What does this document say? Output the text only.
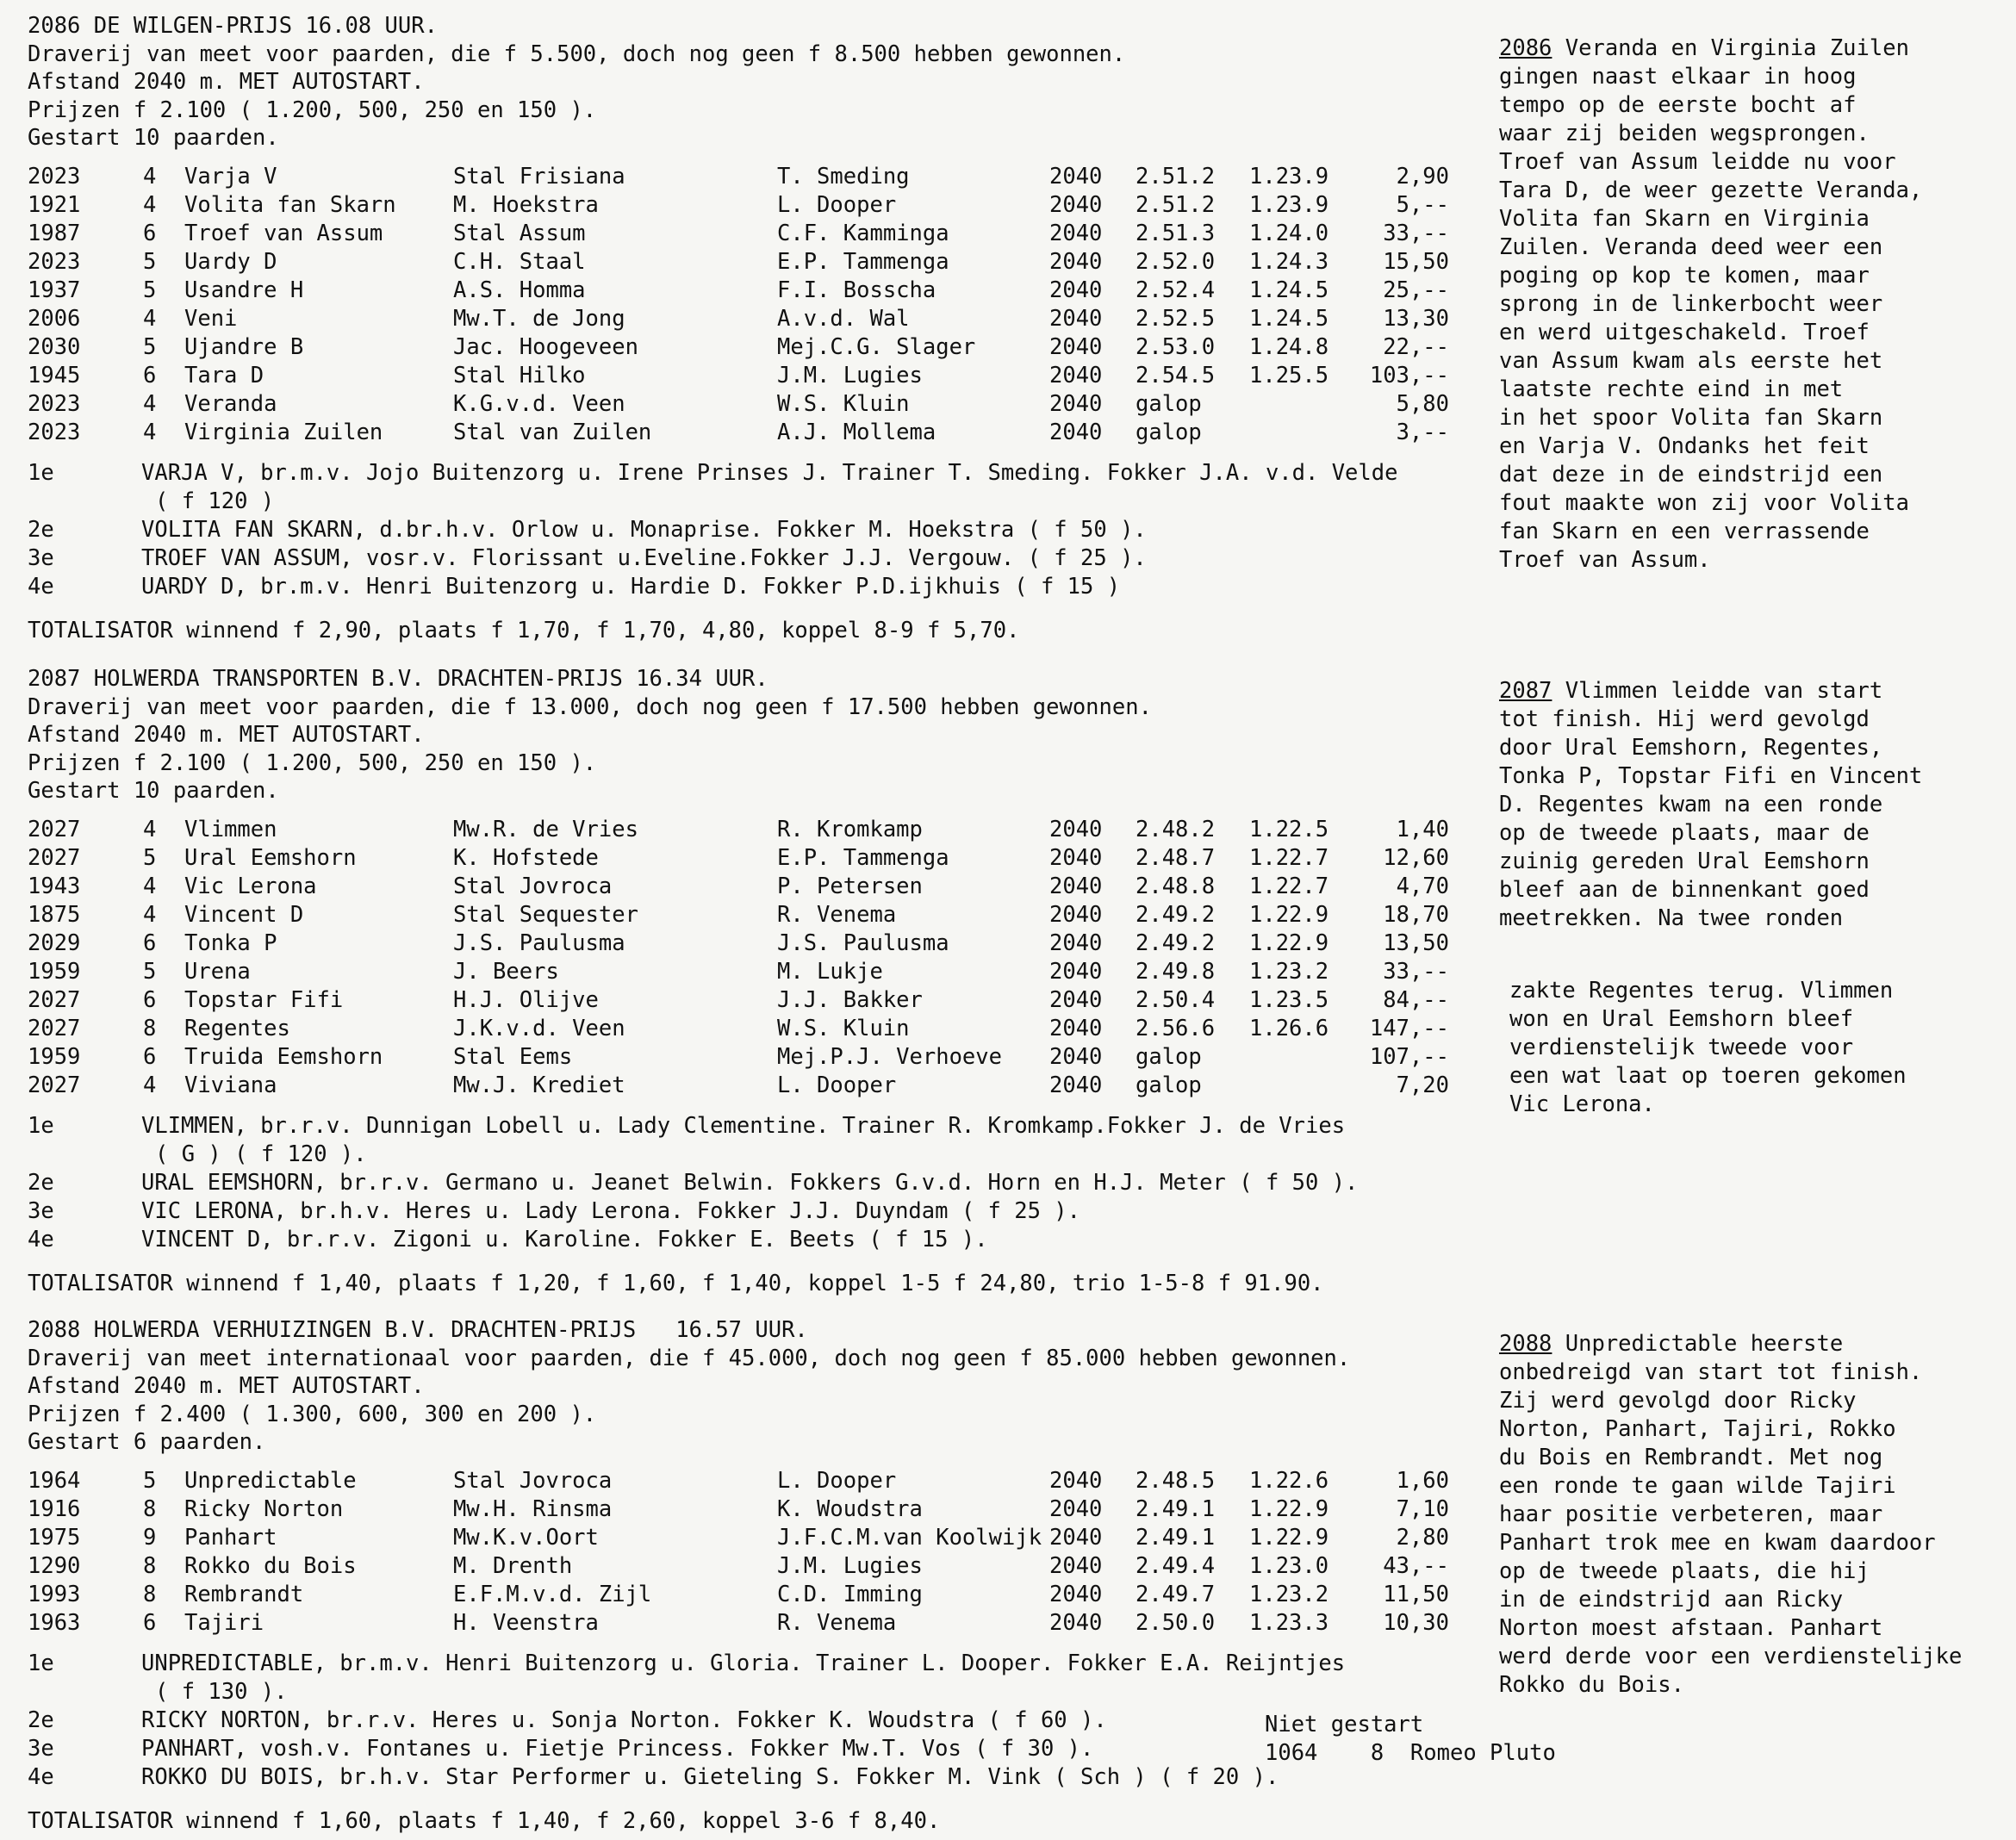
2086 DE WILGEN-PRIJS 16.08 UUR.
Draverij van meet voor paarden, die f 5.500, doch nog geen f 8.500 hebben gewonnen.
Afstand 2040 m. MET AUTOSTART.
Prijzen f 2.100 ( 1.200, 500, 250 en 150 ).
Gestart 10 paarden.
2023	4 Varja V	Stal Frisiana	T. Smeding	2040 2.51.2 1.23.9	2,90
1921	4 Volita fan Skarn	M. Hoekstra	L. Dooper	2040 2.51.2 1.23.9	5,--
1987	6 Troef van Assum	Stal Assum	C.F. Kamminga	2040 2.51.3 1.24.0 33,--
2023	5 Uardy D	C.H. Staal	E.P. Tammenga	2040 2.52.0 1.24.3 15,50
1937	5 Usandre H	A.S. Homma	F.I. Bosscha	2040 2.52.4 1.24.5 25,--
2006	4 Veni	Mw.T. de Jong	A.v.d. Wal	2040 2.52.5 1.24.5 13,30
2030	5 Ujandre B	Jac. Hoogeveen	Mej.C.G. Slager	2040 2.53.0 1.24.8 22,--
1945	6 Tara D	Stal Hilko	J.M. Lugies	2040 2.54.5 1.25.5 103,--
2023	4 Veranda	K.G.v.d. Veen	W.S. Kluin	2040 galop	5,80
2023	4 Virginia Zuilen	Stal van Zuilen	A.J. Mollema	2040 galop	3,--
1e	VARJA V, br.m.v. Jojo Buitenzorg u. Irene Prinses J. Trainer T. Smeding. Fokker J.A. v.d. Velde
( f 120 )
2e	VOLITA FAN SKARN, d.br.h.v. Orlow u. Monaprise. Fokker M. Hoekstra ( f 50 ).
3e	TROEF VAN ASSUM, vosr.v. Florissant u.Eveline.Fokker J.J. Vergouw. ( f 25 ).
4e	UARDY D, br.m.v. Henri Buitenzorg u. Hardie D. Fokker P.D.ijkhuis ( f 15 )
TOTALISATOR winnend f 2,90, plaats f 1,70, f 1,70, 4,80, koppel 8-9 f 5,70.
2087 HOLWERDA TRANSPORTEN B.V. DRACHTEN-PRIJS 16.34 UUR.
Draverij van meet voor paarden, die f 13.000, doch nog geen f 17.500 hebben gewonnen.
Afstand 2040 m. MET AUTOSTART.
Prijzen f 2.100 ( 1.200, 500, 250 en 150 ).
Gestart 10 paarden.
2027	4 Vlimmen	Mw.R. de Vries	R. Kromkamp	2040 2.48.2 1.22.5	1,40
2027	5 Ural Eemshorn	K. Hofstede	E.P. Tammenga	2040 2.48.7 1.22.7 12,60
1943	4 Vic Lerona	Stal Jovroca	P. Petersen	2040 2.48.8 1.22.7	4,70
1875	4 Vincent D	Stal Sequester	R. Venema	2040 2.49.2 1.22.9 18,70
2029	6 Tonka P	J.S. Paulusma	J.S. Paulusma	2040 2.49.2 1.22.9 13,50
1959	5 Urena	J. Beers	M. Lukje	2040 2.49.8 1.23.2 33,--
2027	6 Topstar Fifi	H.J. Olijve	J.J. Bakker	2040 2.50.4 1.23.5 84,--
2027	8 Regentes	J.K.v.d. Veen	W.S. Kluin	2040 2.56.6 1.26.6 147,--
1959	6 Truida Eemshorn	Stal Eems	Mej.P.J. Verhoeve 2040 galop	107,--
2027	4 Viviana	Mw.J. Krediet	L. Dooper	2040 galop	7,20
1e	VLIMMEN, br.r.v. Dunnigan Lobell u. Lady Clementine. Trainer R. Kromkamp.Fokker J. de Vries
( G ) ( f 120 ).
2e	URAL EEMSHORN, br.r.v. Germano u. Jeanet Belwin. Fokkers G.v.d. Horn en H.J. Meter ( f 50 ).
3e	VIC LERONA, br.h.v. Heres u. Lady Lerona. Fokker J.J. Duyndam ( f 25 ).
4e	VINCENT D, br.r.v. Zigoni u. Karoline. Fokker E. Beets ( f 15 ).
TOTALISATOR winnend f 1,40, plaats f 1,20, f 1,60, f 1,40, koppel 1-5 f 24,80, trio 1-5-8 f 91.90.
2088 HOLWERDA VERHUIZINGEN B.V. DRACHTEN-PRIJS   16.57 UUR.
Draverij van meet internationaal voor paarden, die f 45.000, doch nog geen f 85.000 hebben gewonnen.
Afstand 2040 m. MET AUTOSTART.
Prijzen f 2.400 ( 1.300, 600, 300 en 200 ).
Gestart 6 paarden.
1964	5 Unpredictable	Stal Jovroca	L. Dooper	2040 2.48.5 1.22.6	1,60
1916	8 Ricky Norton	Mw.H. Rinsma	K. Woudstra	2040 2.49.1 1.22.9	7,10
1975	9 Panhart	Mw.K.v.Oort	J.F.C.M.van Koolwijk 2040 2.49.1 1.22.9	2,80
1290	8 Rokko du Bois	M. Drenth	J.M. Lugies	2040 2.49.4 1.23.0 43,--
1993	8 Rembrandt	E.F.M.v.d. Zijl	C.D. Imming	2040 2.49.7 1.23.2 11,50
1963	6 Tajiri	H. Veenstra	R. Venema	2040 2.50.0 1.23.3 10,30
1e	UNPREDICTABLE, br.m.v. Henri Buitenzorg u. Gloria. Trainer L. Dooper. Fokker E.A. Reijntjes
( f 130 ).
2e	RICKY NORTON, br.r.v. Heres u. Sonja Norton. Fokker K. Woudstra ( f 60 ).
3e	PANHART, vosh.v. Fontanes u. Fietje Princess. Fokker Mw.T. Vos ( f 30 ).
4e	ROKKO DU BOIS, br.h.v. Star Performer u. Gieteling S. Fokker M. Vink ( Sch ) ( f 20 ).
TOTALISATOR winnend f 1,60, plaats f 1,40, f 2,60, koppel 3-6 f 8,40.
Niet gestart
1064 8 Romeo Pluto
2086 Veranda en Virginia Zuilen
gingen naast elkaar in hoog
tempo op de eerste bocht af
waar zij beiden wegsprongen.
Troef van Assum leidde nu voor
Tara D, de weer gezette Veranda,
Volita fan Skarn en Virginia
Zuilen. Veranda deed weer een
poging op kop te komen, maar
sprong in de linkerbocht weer
en werd uitgeschakeld. Troef
van Assum kwam als eerste het
laatste rechte eind in met
in het spoor Volita fan Skarn
en Varja V. Ondanks het feit
dat deze in de eindstrijd een
fout maakte won zij voor Volita
fan Skarn en een verrassende
Troef van Assum.
2087 Vlimmen leidde van start
tot finish. Hij werd gevolgd
door Ural Eemshorn, Regentes,
Tonka P, Topstar Fifi en Vincent
D. Regentes kwam na een ronde
op de tweede plaats, maar de
zuinig gereden Ural Eemshorn
bleef aan de binnenkant goed
meetrekken. Na twee ronden
zakte Regentes terug. Vlimmen
won en Ural Eemshorn bleef
verdienstelijk tweede voor
een wat laat op toeren gekomen
Vic Lerona.
2088 Unpredictable heerste
onbedreigd van start tot finish.
Zij werd gevolgd door Ricky
Norton, Panhart, Tajiri, Rokko
du Bois en Rembrandt. Met nog
een ronde te gaan wilde Tajiri
haar positie verbeteren, maar
Panhart trok mee en kwam daardoor
op de tweede plaats, die hij
in de eindstrijd aan Ricky
Norton moest afstaan. Panhart
werd derde voor een verdienstelijke
Rokko du Bois.
